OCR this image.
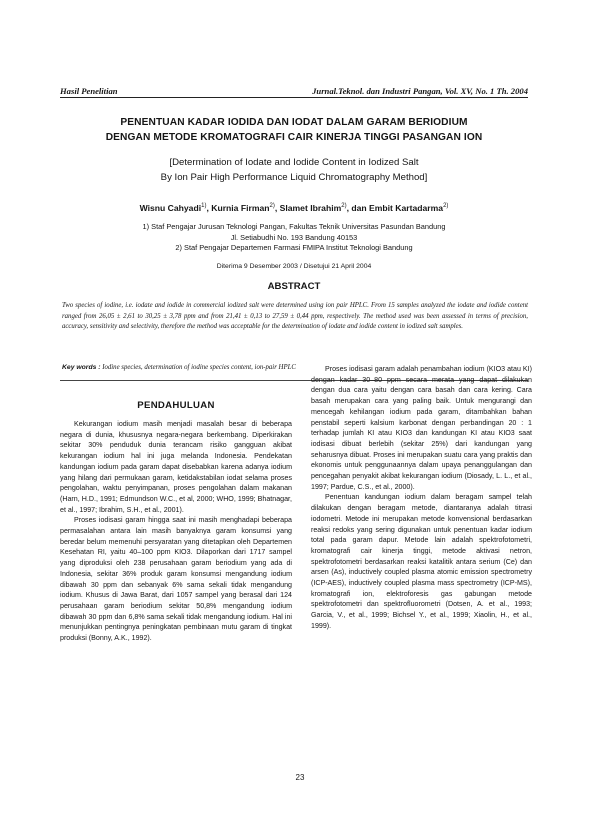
Hasil Penelitian	Jurnal.Teknol. dan Industri Pangan, Vol. XV, No. 1 Th. 2004
PENENTUAN KADAR IODIDA DAN IODAT DALAM GARAM BERIODIUM
DENGAN METODE KROMATOGRAFI CAIR KINERJA TINGGI PASANGAN ION
[Determination of Iodate and Iodide Content in Iodized Salt
By Ion Pair High Performance Liquid Chromatography Method]
Wisnu Cahyadi$^{1)}$, Kurnia Firman$^{2)}$, Slamet Ibrahim$^{2)}$, dan Embit Kartadarma$^{2)}$
1) Staf Pengajar Jurusan Teknologi Pangan, Fakultas Teknik Universitas Pasundan Bandung
Jl. Setiabudhi No. 193 Bandung 40153
2) Staf Pengajar Departemen Farmasi FMIPA Institut Teknologi Bandung
Diterima 9 Desember 2003 / Disetujui 21 April 2004
ABSTRACT
Two species of iodine, i.e. iodate and iodide in commercial iodized salt were determined using ion pair HPLC. From 15 samples analyzed the iodate and iodide content ranged from 26,05 ± 2,61 to 30,25 ± 3,78 ppm and from 21,41 ± 0,13 to 27,59 ± 0,44 ppm, respectively. The method used was been assessed in terms of precision, accuracy, sensitivity and selectivity, therefore the method was acceptable for the determination of iodate and iodide content in iodized salt samples.
Key words : Iodine species, determination of iodine species content, ion-pair HPLC
PENDAHULUAN

Kekurangan iodium masih menjadi masalah besar di beberapa negara di dunia, khususnya negara-negara berkembang. Diperkirakan sekitar 30% penduduk dunia terancam risiko gangguan akibat kekurangan iodium hal ini juga melanda Indonesia. Pendekatan kandungan iodium pada garam dapat disebabkan karena adanya iodium yang hilang dari permukaan garam, ketidakstabilan iodat selama proses pengolahan, waktu penyimpanan, proses pengolahan dalam makanan (Harn, H.D., 1991; Edmundson W.C., et al, 2000; WHO, 1999; Bhatnagar, et al., 1997; Ibrahim, S.H., et al., 2001).

Proses iodisasi garam hingga saat ini masih menghadapi beberapa permasalahan antara lain masih banyaknya garam konsumsi yang beredar belum memenuhi persyaratan yang ditetapkan oleh Departemen Kesehatan RI, yaitu 40–100 ppm KIO3. Dilaporkan dari 1717 sampel yang diproduksi oleh 238 perusahaan garam beriodium yang ada di Indonesia, sekitar 36% produk garam konsumsi mengandung iodium dibawah 30 ppm dan sebanyak 6% sama sekali tidak mengandung iodium. Khusus di Jawa Barat, dari 1057 sampel yang berasal dari 124 perusahaan garam beriodium sekitar 50,8% mengandung iodium dibawah 30 ppm dan 6,8% sama sekali tidak mengandung iodium. Hal ini menunjukkan pentingnya peningkatan pembinaan mutu garam di tingkat produksi (Bonny, A.K., 1992).

Proses iodisasi garam adalah penambahan iodium (KIO3 atau KI) dengan kadar 30–80 ppm secara merata yang dapat dilakukan dengan dua cara yaitu dengan cara basah dan cara kering. Cara basah merupakan cara yang paling baik. Untuk mengurangi dan mencegah kehilangan iodium pada garam, ditambahkan bahan penstabil seperti kalsium karbonat dengan perbandingan 20 : 1 terhadap jumlah KI atau KIO3 dan kandungan KI atau KIO3 saat iodisasi dibuat berlebih (sekitar 25%) dari kandungan yang seharusnya dibuat. Proses ini merupakan suatu cara yang praktis dan ekonomis untuk penggunaannya dalam upaya penanggulangan dan pencegahan penyakit akibat kekurangan iodium (Diosady, L. L., et al., 1997; Pardue, C.S., et al., 2000).

Penentuan kandungan iodium dalam beragam sampel telah dilakukan dengan beragam metode, diantaranya adalah titrasi iodometri. Metode ini merupakan metode konvensional berdasarkan reaksi redoks yang sering digunakan untuk penentuan kadar iodium total pada garam dapur. Metode lain adalah spektrofotometri, kromatografi cair kinerja tinggi, metode aktivasi netron, spektrofotometri berdasarkan reaksi katalitik antara serium (Ce) dan arsen (As), inductively coupled plasma atomic emission spectrometry (ICP-AES), inductively coupled plasma mass spectrometry (ICP-MS), kromatografi ion, elektroforesis gas gabungan metode spektrofotometri dan spektrofluorometri (Dotsen, A. et al., 1993; Garcia, V., et al., 1999; Bichsel Y., et al., 1999; Xiaolin, H., et al., 1999).

23
